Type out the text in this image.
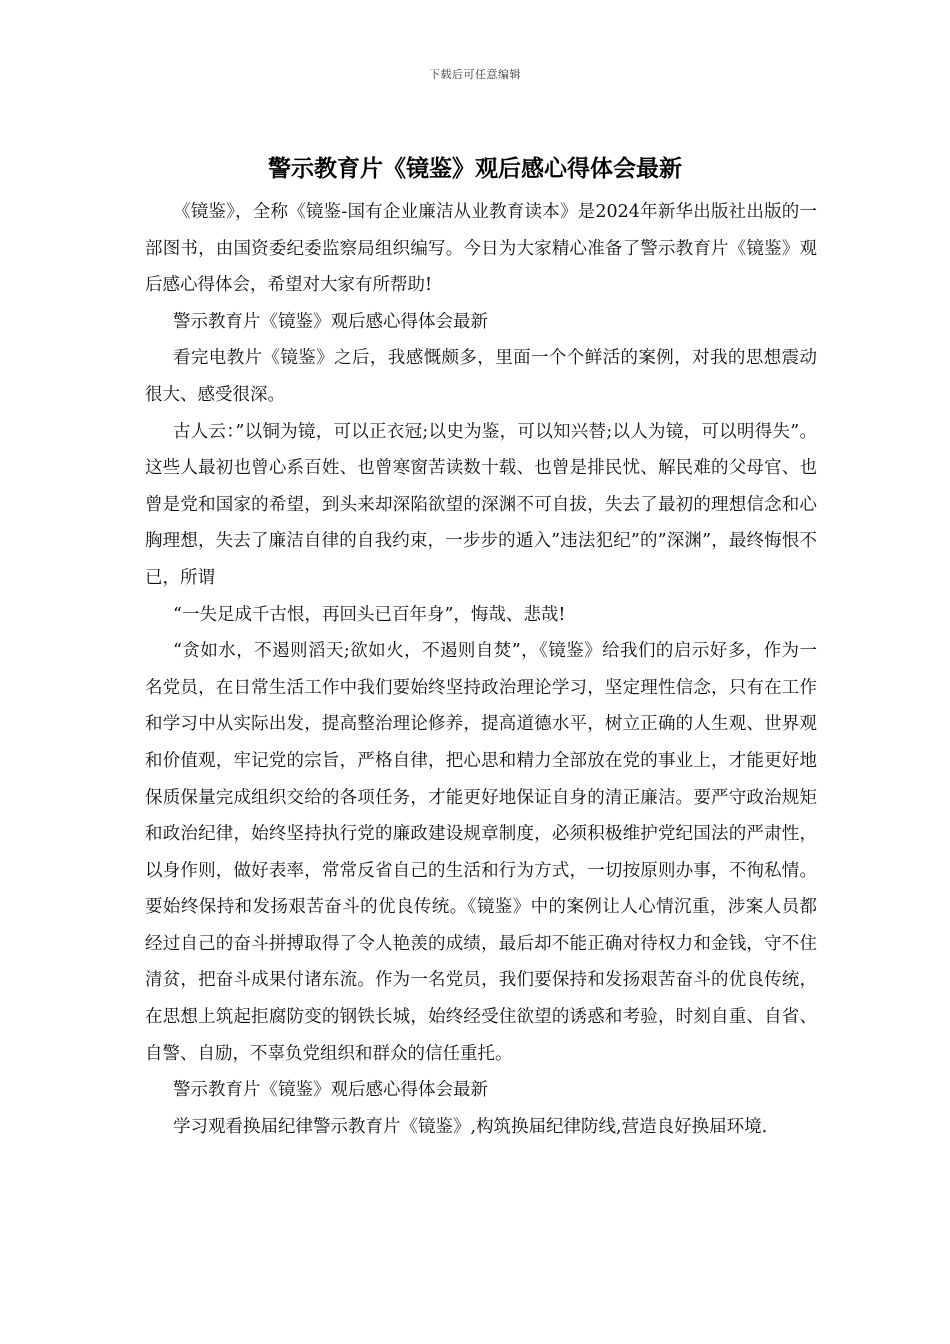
下载后可任意编辑
警示教育片《镜鉴》观后感心得体会最新

《镜鉴》，全称《镜鉴-国有企业廉洁从业教育读本》是2024年新华出版社出版的一部图书，由国资委纪委监察局组织编写。今日为大家精心准备了警示教育片《镜鉴》观后感心得体会，希望对大家有所帮助!

警示教育片《镜鉴》观后感心得体会最新

看完电教片《镜鉴》之后，我感慨颇多，里面一个个鲜活的案例，对我的思想震动很大、感受很深。

古人云：”以铜为镜，可以正衣冠;以史为鉴，可以知兴替;以人为镜，可以明得失”。这些人最初也曾心系百姓、也曾寒窗苦读数十载、也曾是排民忧、解民难的父母官、也曾是党和国家的希望，到头来却深陷欲望的深渊不可自拔，失去了最初的理想信念和心胸理想，失去了廉洁自律的自我约束，一步步的遁入”违法犯纪”的”深渊”，最终悔恨不已，所谓

“一失足成千古恨，再回头已百年身”，悔哉、悲哉!

“贪如水，不遏则滔天;欲如火，不遏则自焚”，《镜鉴》给我们的启示好多，作为一名党员，在日常生活工作中我们要始终坚持政治理论学习，坚定理性信念，只有在工作和学习中从实际出发，提高整治理论修养，提高道德水平，树立正确的人生观、世界观和价值观，牢记党的宗旨，严格自律，把心思和精力全部放在党的事业上，才能更好地保质保量完成组织交给的各项任务，才能更好地保证自身的清正廉洁。要严守政治规矩和政治纪律，始终坚持执行党的廉政建设规章制度，必须积极维护党纪国法的严肃性，以身作则，做好表率，常常反省自己的生活和行为方式，一切按原则办事，不徇私情。要始终保持和发扬艰苦奋斗的优良传统。《镜鉴》中的案例让人心情沉重，涉案人员都经过自己的奋斗拼搏取得了令人艳羡的成绩，最后却不能正确对待权力和金钱，守不住清贫，把奋斗成果付诸东流。作为一名党员，我们要保持和发扬艰苦奋斗的优良传统，在思想上筑起拒腐防变的钢铁长城，始终经受住欲望的诱惑和考验，时刻自重、自省、自警、自励，不辜负党组织和群众的信任重托。

警示教育片《镜鉴》观后感心得体会最新

学习观看换届纪律警示教育片《镜鉴》,构筑换届纪律防线,营造良好换届环境.
